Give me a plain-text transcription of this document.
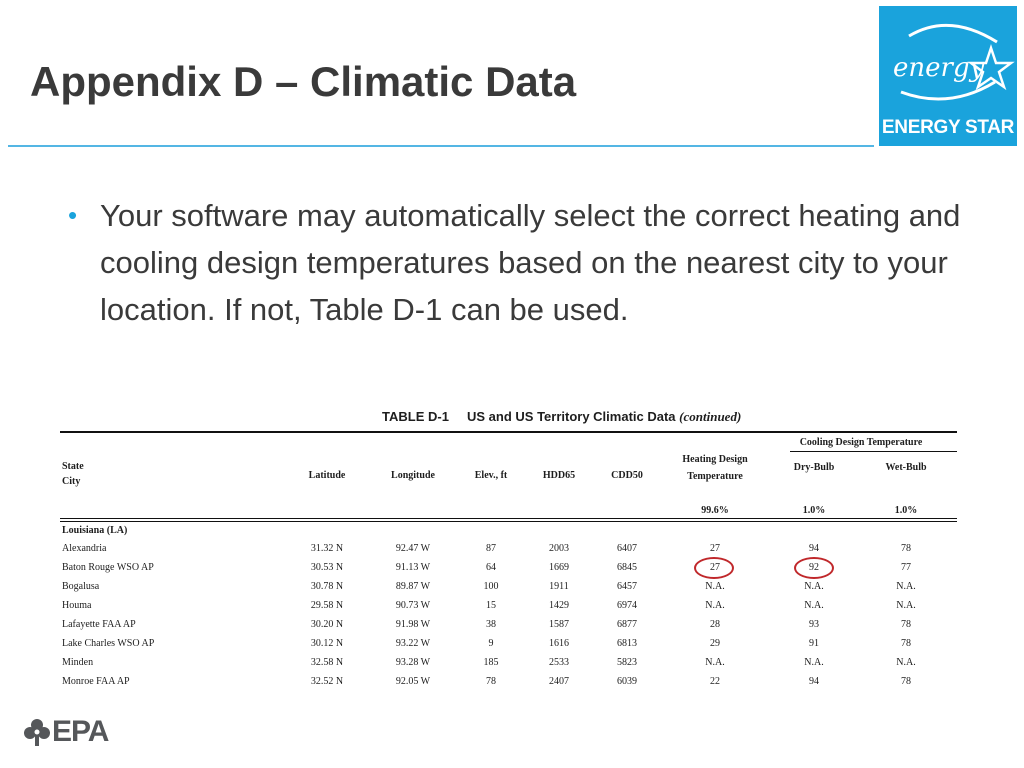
Appendix D – Climatic Data	energy
ENERGY STAR
• Your software may automatically select the correct heating and cooling design temperatures based on the nearest city to your location. If not, Table D-1 can be used.
TABLE D-1 US and US Territory Climatic Data (continued)
Cooling Design Temperature
State
City
Latitude	Longitude	Elev., ft	HDD65	CDD50
Heating Design
Temperature
Dry-Bulb	Wet-Bulb
99.6%	1.0%	1.0%
Louisiana (LA)
Alexandria	31.32 N	92.47 W	87	2003	6407	27	94	78
Baton Rouge WSO AP	30.53 N	91.13 W	64	1669	6845	27	92	77
Bogalusa	30.78 N	89.87 W	100	1911	6457	N.A.	N.A.	N.A.
Houma	29.58 N	90.73 W	15	1429	6974	N.A.	N.A.	N.A.
Lafayette FAA AP	30.20 N	91.98 W	38	1587	6877	28	93	78
Lake Charles WSO AP	30.12 N	93.22 W	9	1616	6813	29	91	78
Minden	32.58 N	93.28 W	185	2533	5823	N.A.	N.A.	N.A.
Monroe FAA AP	32.52 N	92.05 W	78	2407	6039	22	94	78
EPA
